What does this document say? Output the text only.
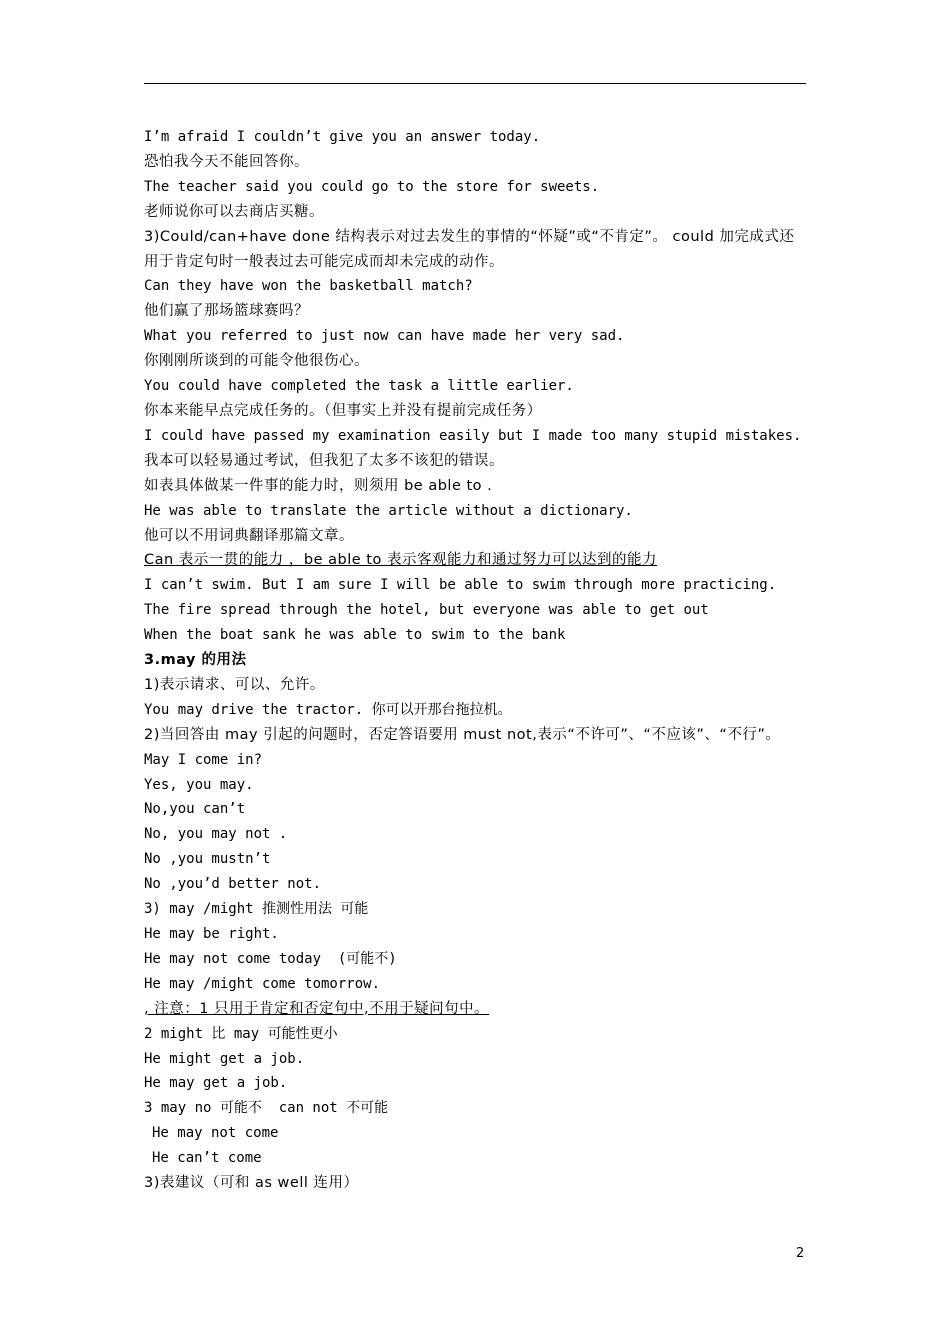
I’m afraid I couldn’t give you an answer today.
恐怕我今天不能回答你。
The teacher said you could go to the store for sweets.
老师说你可以去商店买糖。
3)Could/can+have done 结构表示对过去发生的事情的“怀疑”或“不肯定”。 could 加完成式还用于肯定句时一般表过去可能完成而却未完成的动作。
Can they have won the basketball match?
他们赢了那场篮球赛吗？
What you referred to just now can have made her very sad.
你刚刚所谈到的可能令他很伤心。
You could have completed the task a little earlier.
你本来能早点完成任务的。（但事实上并没有提前完成任务）
I could have passed my examination easily but I made too many stupid mistakes.
我本可以轻易通过考试，但我犯了太多不该犯的错误。
如表具体做某一件事的能力时，则须用 be able to .
He was able to translate the article without a dictionary.
他可以不用词典翻译那篇文章。
Can 表示一贯的能力 ，be able to 表示客观能力和通过努力可以达到的能力
I can’t swim. But I am sure I will be able to swim through more practicing.
The fire spread through the hotel, but everyone was able to get out
When the boat sank he was able to swim to the bank
3.may 的用法
1)表示请求、可以、允许。
You may drive the tractor. 你可以开那台拖拉机。
2)当回答由 may 引起的问题时，否定答语要用 must not,表示“不许可”、“不应该”、“不行”。
May I come in?
Yes, you may.
No,you can’t
No, you may not .
No ,you mustn’t
No ,you’d better not.
3) may /might 推测性用法 可能
He may be right.
He may not come today  (可能不)
He may /might come tomorrow.
, 注意：1 只用于肯定和否定句中,不用于疑问句中。
2 might 比 may 可能性更小
He might get a job.
He may get a job.
3 may no 可能不  can not 不可能
He may not come
He can’t come
3)表建议（可和 as well 连用）
2
